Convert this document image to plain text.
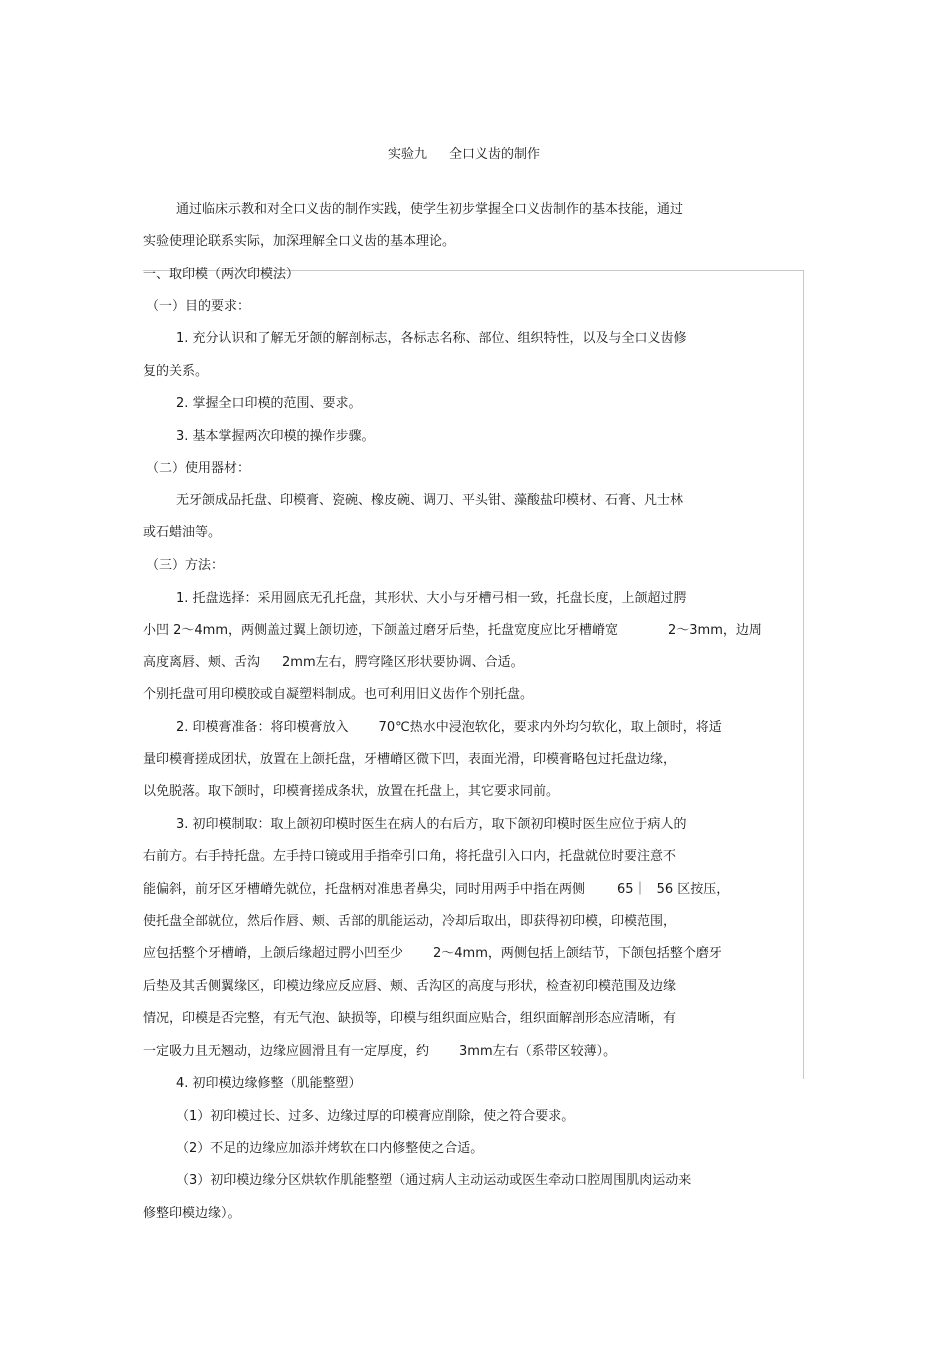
实验九 全口义齿的制作
通过临床示教和对全口义齿的制作实践，使学生初步掌握全口义齿制作的基本技能，通过
实验使理论联系实际，加深理解全口义齿的基本理论。
一、取印模（两次印模法）
（一）目的要求：
1. 充分认识和了解无牙颌的解剖标志，各标志名称、部位、组织特性，以及与全口义齿修
复的关系。
2. 掌握全口印模的范围、要求。
3. 基本掌握两次印模的操作步骤。
（二）使用器材：
无牙颌成品托盘、印模膏、瓷碗、橡皮碗、调刀、平头钳、藻酸盐印模材、石膏、凡士林
或石蜡油等。
（三）方法：
1. 托盘选择：采用圆底无孔托盘，其形状、大小与牙槽弓相一致，托盘长度，上颌超过腭
小凹 2～4mm，两侧盖过翼上颌切迹，下颌盖过磨牙后垫，托盘宽度应比牙槽嵴宽	2～3mm，边周
高度离唇、颊、舌沟 2mm左右，腭穹隆区形状要协调、合适。
个别托盘可用印模胶或自凝塑料制成。也可利用旧义齿作个别托盘。
2. 印模膏准备：将印模膏放入 70℃热水中浸泡软化，要求内外均匀软化，取上颌时，将适
量印模膏搓成团状，放置在上颌托盘，牙槽嵴区微下凹，表面光滑，印模膏略包过托盘边缘，
以免脱落。取下颌时，印模膏搓成条状，放置在托盘上，其它要求同前。
3. 初印模制取：取上颌初印模时医生在病人的右后方，取下颌初印模时医生应位于病人的
右前方。右手持托盘。左手持口镜或用手指牵引口角，将托盘引入口内，托盘就位时要注意不
能偏斜，前牙区牙槽嵴先就位，托盘柄对准患者鼻尖，同时用两手中指在两侧 65｜ 56 区按压，
使托盘全部就位，然后作唇、颊、舌部的肌能运动，冷却后取出，即获得初印模，印模范围，
应包括整个牙槽嵴，上颌后缘超过腭小凹至少 2～4mm，两侧包括上颌结节，下颌包括整个磨牙
后垫及其舌侧翼缘区，印模边缘应反应唇、颊、舌沟区的高度与形状，检查初印模范围及边缘
情况，印模是否完整，有无气泡、缺损等，印模与组织面应贴合，组织面解剖形态应清晰，有
一定吸力且无翘动，边缘应圆滑且有一定厚度，约 3mm左右（系带区较薄）。
4. 初印模边缘修整（肌能整塑）
（1）初印模过长、过多、边缘过厚的印模膏应削除，使之符合要求。
（2）不足的边缘应加添并烤软在口内修整使之合适。
（3）初印模边缘分区烘软作肌能整塑（通过病人主动运动或医生牵动口腔周围肌肉运动来
修整印模边缘）。
